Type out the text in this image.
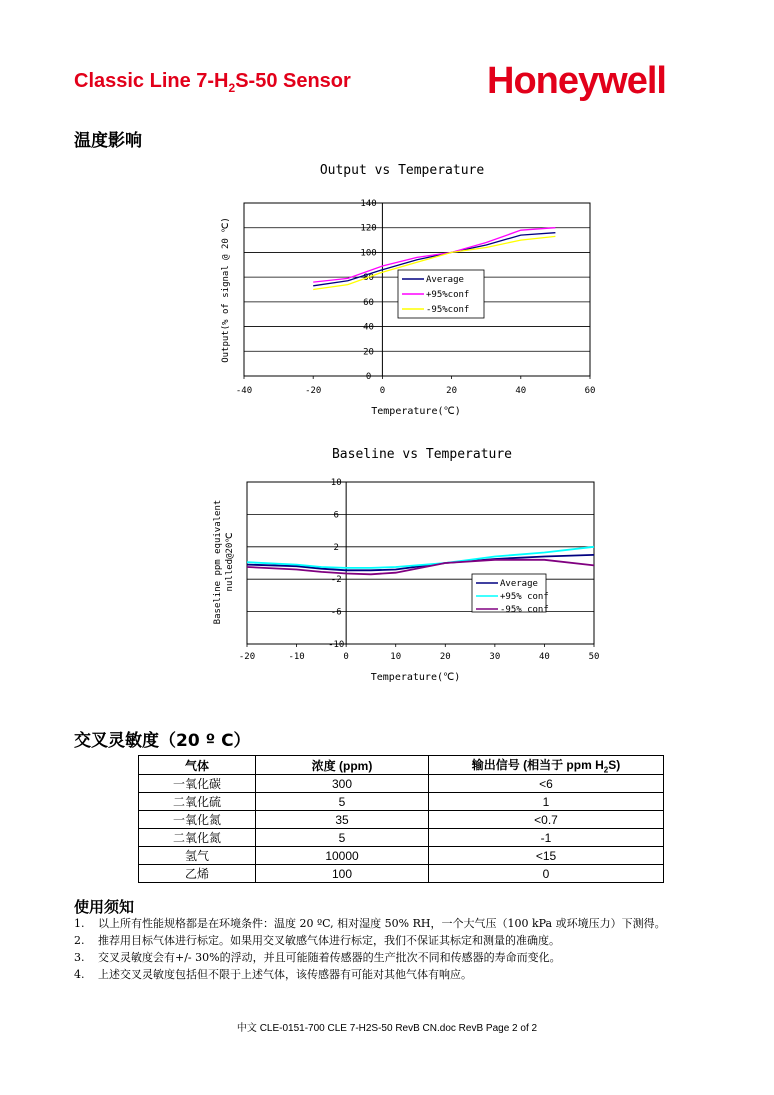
Classic Line $7-H_2S-50$ Sensor	Honeywell
温度影响
Output vs Temperature
0
20
40
60
80
100
120
140
-40	-20	0	20	40	60
Temperature(℃)
Average
+95%conf
-95%conf
Output(% of signal @ 20 ℃)
Baseline vs Temperature
-10
-6
-2
2
6
10
-20	-10	0	10	20	30	40	50
Temperature(℃)
Average
+95% conf
-95% conf
Baseline ppm equivalent nulled@20℃
交叉灵敏度（20 º C）
气体	浓度 (ppm)	输出信号 (相当于 ppm $H_2S$)
一氧化碳	300	<6
二氧化硫	5	1
一氧化氮	35	<0.7
二氧化氮	5	-1
氢气	10000	<15
乙烯	100	0
使用须知
1.	以上所有性能规格都是在环境条件：温度 20 ºC, 相对湿度 50% RH，一个大气压（100 kPa 或环境压力）下测得。
2.	推荐用目标气体进行标定。如果用交叉敏感气体进行标定，我们不保证其标定和测量的准确度。
3.	交叉灵敏度会有+/- 30%的浮动，并且可能随着传感器的生产批次不同和传感器的寿命而变化。
4.	上述交叉灵敏度包括但不限于上述气体，该传感器有可能对其他气体有响应。
中文 CLE-0151-700 CLE 7-H2S-50 RevB CN.doc RevB Page 2 of 2
